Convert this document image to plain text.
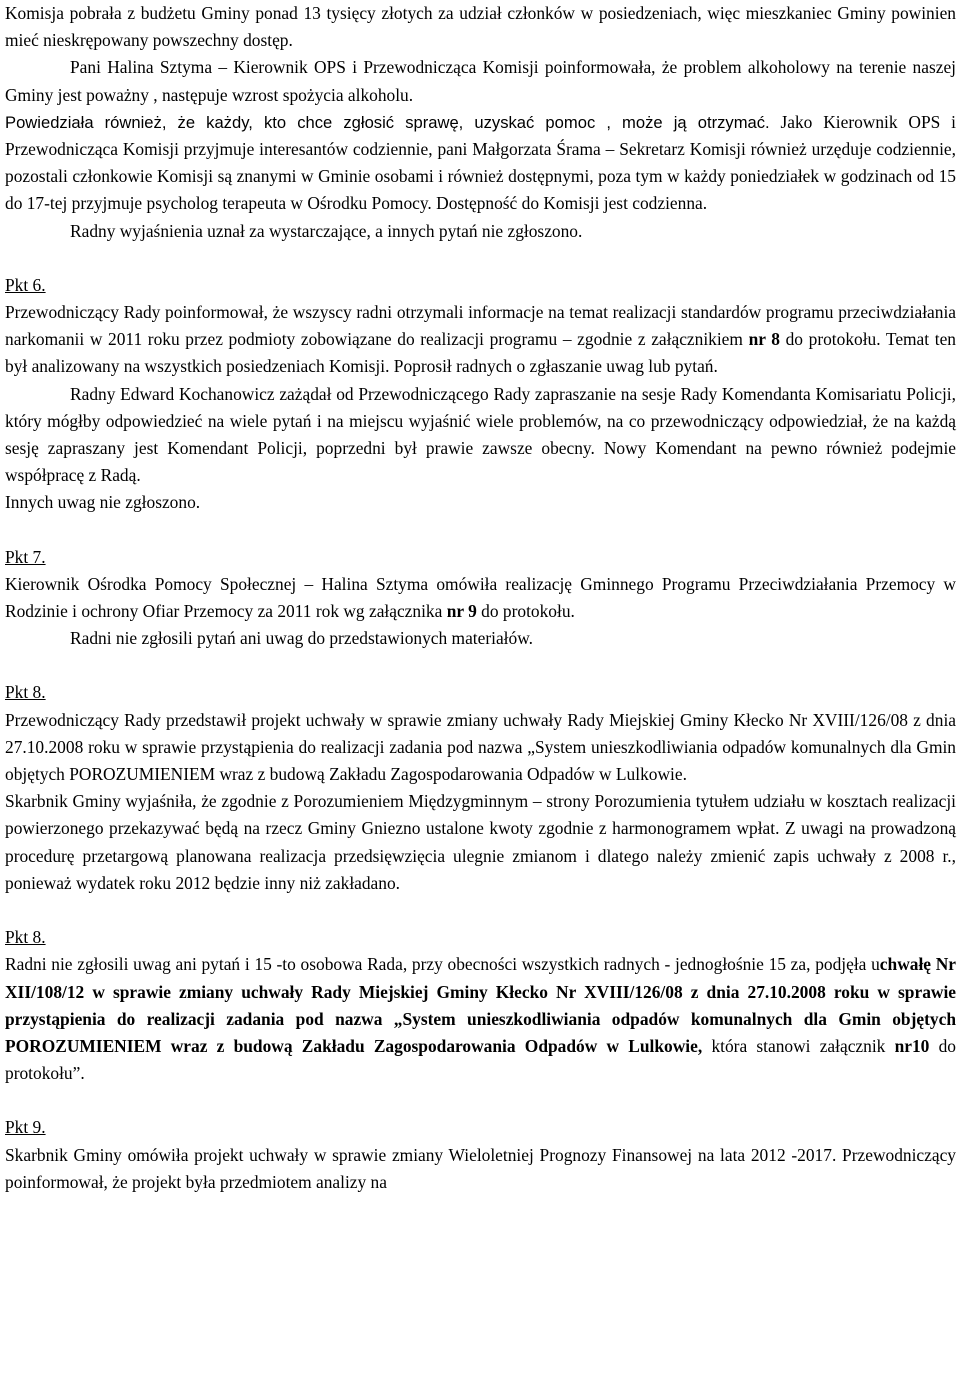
Komisja pobrała z budżetu Gminy ponad 13 tysięcy złotych za udział członków w posiedzeniach, więc mieszkaniec Gminy powinien mieć nieskrępowany powszechny dostęp.

Pani Halina Sztyma – Kierownik OPS i Przewodnicząca Komisji poinformowała, że problem alkoholowy na terenie naszej Gminy jest poważny , następuje wzrost spożycia alkoholu.

Powiedziała również, że każdy, kto chce zgłosić sprawę, uzyskać pomoc , może ją otrzymać. Jako Kierownik OPS i Przewodnicząca Komisji przyjmuje interesantów codziennie, pani Małgorzata Śrama – Sekretarz Komisji również urzęduje codziennie, pozostali członkowie Komisji są znanymi w Gminie osobami i również dostępnymi, poza tym w każdy poniedziałek w godzinach od 15 do 17-tej przyjmuje psycholog terapeuta w Ośrodku Pomocy. Dostępność do Komisji jest codzienna.

Radny wyjaśnienia uznał za wystarczające, a innych pytań nie zgłoszono.

Pkt 6.

Przewodniczący Rady poinformował, że wszyscy radni otrzymali informacje na temat realizacji standardów programu przeciwdziałania narkomanii w 2011 roku przez podmioty zobowiązane do realizacji programu – zgodnie z załącznikiem nr 8 do protokołu. Temat ten był analizowany na wszystkich posiedzeniach Komisji. Poprosił radnych o zgłaszanie uwag lub pytań.

Radny Edward Kochanowicz zażądał od Przewodniczącego Rady zapraszanie na sesje Rady Komendanta Komisariatu Policji, który mógłby odpowiedzieć na wiele pytań i na miejscu wyjaśnić wiele problemów, na co przewodniczący odpowiedział, że na każdą sesję zapraszany jest Komendant Policji, poprzedni był prawie zawsze obecny. Nowy Komendant na pewno również podejmie współpracę z Radą.

Innych uwag nie zgłoszono.

Pkt 7.

Kierownik Ośrodka Pomocy Społecznej – Halina Sztyma omówiła realizację Gminnego Programu Przeciwdziałania Przemocy w Rodzinie i ochrony Ofiar Przemocy za 2011 rok wg załącznika nr 9 do protokołu.

Radni nie zgłosili pytań ani uwag do przedstawionych materiałów.

Pkt 8.

Przewodniczący Rady przedstawił projekt uchwały w sprawie zmiany uchwały Rady Miejskiej Gminy Kłecko Nr XVIII/126/08 z dnia 27.10.2008 roku w sprawie przystąpienia do realizacji zadania pod nazwa „System unieszkodliwiania odpadów komunalnych dla Gmin objętych POROZUMIENIEM wraz z budową Zakładu Zagospodarowania Odpadów w Lulkowie.

Skarbnik Gminy wyjaśniła, że zgodnie z Porozumieniem Międzygminnym – strony Porozumienia tytułem udziału w kosztach realizacji powierzonego przekazywać będą na rzecz Gminy Gniezno ustalone kwoty zgodnie z harmonogramem wpłat. Z uwagi na prowadzoną procedurę przetargową planowana realizacja przedsięwzięcia ulegnie zmianom i dlatego należy zmienić zapis uchwały z 2008 r., ponieważ wydatek roku 2012 będzie inny niż zakładano.

Pkt 8.

Radni nie zgłosili uwag ani pytań i 15 -to osobowa Rada, przy obecności wszystkich radnych - jednogłośnie 15 za, podjęła uchwałę Nr XII/108/12 w sprawie zmiany uchwały Rady Miejskiej Gminy Kłecko Nr XVIII/126/08 z dnia 27.10.2008 roku w sprawie przystąpienia do realizacji zadania pod nazwa „System unieszkodliwiania odpadów komunalnych dla Gmin objętych POROZUMIENIEM wraz z budową Zakładu Zagospodarowania Odpadów w Lulkowie, która stanowi załącznik nr10 do protokołu”.

Pkt 9.

Skarbnik Gminy omówiła projekt uchwały w sprawie zmiany Wieloletniej Prognozy Finansowej na lata 2012 -2017. Przewodniczący poinformował, że projekt była przedmiotem analizy na
